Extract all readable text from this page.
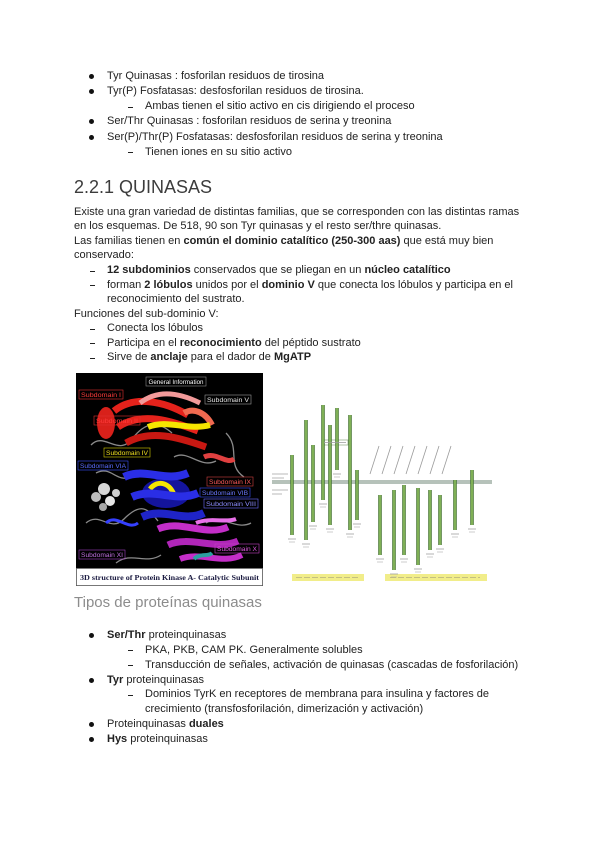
Tyr Quinasas : fosforilan residuos de tirosina
Tyr(P) Fosfatasas: desfosforilan residuos de tirosina.
Ambas tienen el sitio activo en cis dirigiendo el proceso
Ser/Thr Quinasas : fosforilan residuos de serina y treonina
Ser(P)/Thr(P) Fosfatasas: desfosforilan residuos de serina y treonina
Tienen iones en su sitio activo
2.2.1 QUINASAS
Existe una gran variedad de distintas familias, que se corresponden con las distintas ramas
en los esquemas. De 518, 90 son Tyr quinasas y el resto ser/thre quinasas.
Las familias tienen en común el dominio catalítico (250-300 aas) que está muy bien
conservado:
12 subdominios conservados que se pliegan en un núcleo catalítico
forman 2 lóbulos unidos por el dominio V que conecta los lóbulos y participa en el
reconocimiento del sustrato.
Funciones del sub-dominio V:
Conecta los lóbulos
Participa en el reconocimiento del péptido sustrato
Sirve de anclaje para el dador de MgATP
General Information
Subdomain I
Subdomain II
Subdomain V
Subdomain IV
Subdomain VIA
Subdomain IX
Subdomain VIB
Subdomain VIII
Subdomain X
Subdomain XI
3D structure of Protein Kinase A- Catalytic Subunit
Tipos de proteínas quinasas
Ser/Thr proteinquinasas
PKA, PKB, CAM PK. Generalmente solubles
Transducción de señales, activación de quinasas (cascadas de fosforilación)
Tyr proteinquinasas
Dominios TyrK en receptores de membrana para insulina y factores de
crecimiento (transfosforilación, dimerización y activación)
Proteinquinasas duales
Hys proteinquinasas
